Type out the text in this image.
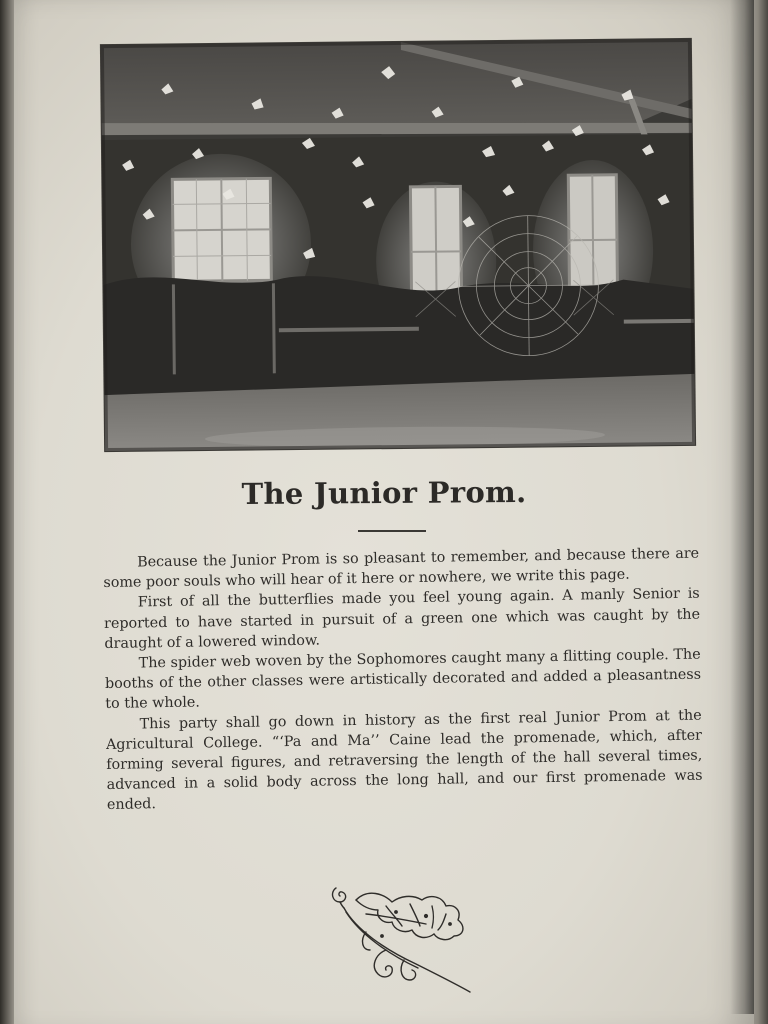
The Junior Prom.

Because the Junior Prom is so pleasant to remember, and because there are some poor souls who will hear of it here or nowhere, we write this page.

First of all the butterflies made you feel young again. A manly Senior is reported to have started in pursuit of a green one which was caught by the draught of a lowered window.

The spider web woven by the Sophomores caught many a flitting couple. The booths of the other classes were artistically decorated and added a pleasantness to the whole.

This party shall go down in history as the first real Junior Prom at the Agricultural College. “‘Pa and Ma’’ Caine lead the promenade, which, after forming several figures, and retraversing the length of the hall several times, advanced in a solid body across the long hall, and our first promenade was ended.
